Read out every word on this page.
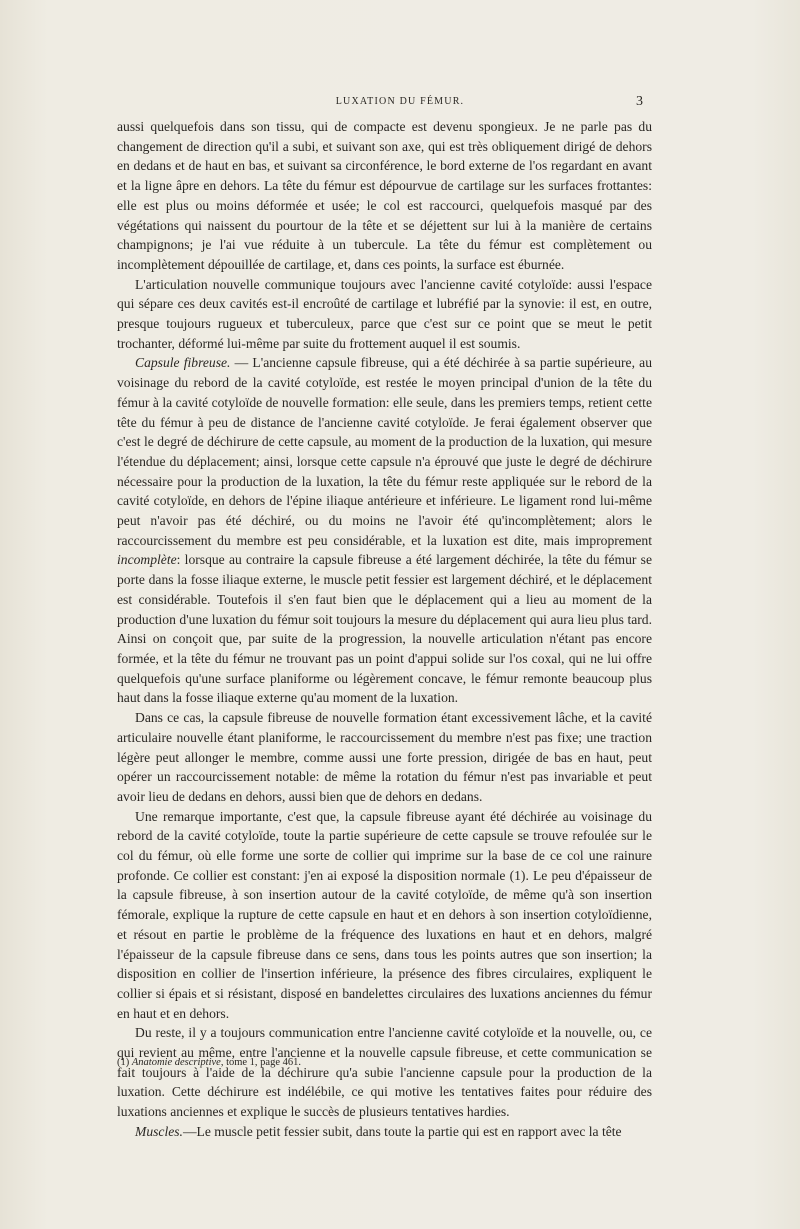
LUXATION DU FÉMUR.	3

aussi quelquefois dans son tissu, qui de compacte est devenu spongieux. Je ne parle pas du changement de direction qu'il a subi, et suivant son axe, qui est très obliquement dirigé de dehors en dedans et de haut en bas, et suivant sa circonférence, le bord externe de l'os regardant en avant et la ligne âpre en dehors. La tête du fémur est dépourvue de cartilage sur les surfaces frottantes: elle est plus ou moins déformée et usée; le col est raccourci, quelquefois masqué par des végétations qui naissent du pourtour de la tête et se déjettent sur lui à la manière de certains champignons; je l'ai vue réduite à un tubercule. La tête du fémur est complètement ou incomplètement dépouillée de cartilage, et, dans ces points, la surface est éburnée.

L'articulation nouvelle communique toujours avec l'ancienne cavité cotyloïde: aussi l'espace qui sépare ces deux cavités est-il encroûté de cartilage et lubréfié par la synovie: il est, en outre, presque toujours rugueux et tuberculeux, parce que c'est sur ce point que se meut le petit trochanter, déformé lui-même par suite du frottement auquel il est soumis.

Capsule fibreuse. — L'ancienne capsule fibreuse, qui a été déchirée à sa partie supérieure, au voisinage du rebord de la cavité cotyloïde, est restée le moyen principal d'union de la tête du fémur à la cavité cotyloïde de nouvelle formation: elle seule, dans les premiers temps, retient cette tête du fémur à peu de distance de l'ancienne cavité cotyloïde. Je ferai également observer que c'est le degré de déchirure de cette capsule, au moment de la production de la luxation, qui mesure l'étendue du déplacement; ainsi, lorsque cette capsule n'a éprouvé que juste le degré de déchirure nécessaire pour la production de la luxation, la tête du fémur reste appliquée sur le rebord de la cavité cotyloïde, en dehors de l'épine iliaque antérieure et inférieure. Le ligament rond lui-même peut n'avoir pas été déchiré, ou du moins ne l'avoir été qu'incomplètement; alors le raccourcissement du membre est peu considérable, et la luxation est dite, mais improprement incomplète: lorsque au contraire la capsule fibreuse a été largement déchirée, la tête du fémur se porte dans la fosse iliaque externe, le muscle petit fessier est largement déchiré, et le déplacement est considérable. Toutefois il s'en faut bien que le déplacement qui a lieu au moment de la production d'une luxation du fémur soit toujours la mesure du déplacement qui aura lieu plus tard. Ainsi on conçoit que, par suite de la progression, la nouvelle articulation n'étant pas encore formée, et la tête du fémur ne trouvant pas un point d'appui solide sur l'os coxal, qui ne lui offre quelquefois qu'une surface planiforme ou légèrement concave, le fémur remonte beaucoup plus haut dans la fosse iliaque externe qu'au moment de la luxation.

Dans ce cas, la capsule fibreuse de nouvelle formation étant excessivement lâche, et la cavité articulaire nouvelle étant planiforme, le raccourcissement du membre n'est pas fixe; une traction légère peut allonger le membre, comme aussi une forte pression, dirigée de bas en haut, peut opérer un raccourcissement notable: de même la rotation du fémur n'est pas invariable et peut avoir lieu de dedans en dehors, aussi bien que de dehors en dedans.

Une remarque importante, c'est que, la capsule fibreuse ayant été déchirée au voisinage du rebord de la cavité cotyloïde, toute la partie supérieure de cette capsule se trouve refoulée sur le col du fémur, où elle forme une sorte de collier qui imprime sur la base de ce col une rainure profonde. Ce collier est constant: j'en ai exposé la disposition normale (1). Le peu d'épaisseur de la capsule fibreuse, à son insertion autour de la cavité cotyloïde, de même qu'à son insertion fémorale, explique la rupture de cette capsule en haut et en dehors à son insertion cotyloïdienne, et résout en partie le problème de la fréquence des luxations en haut et en dehors, malgré l'épaisseur de la capsule fibreuse dans ce sens, dans tous les points autres que son insertion; la disposition en collier de l'insertion inférieure, la présence des fibres circulaires, expliquent le collier si épais et si résistant, disposé en bandelettes circulaires des luxations anciennes du fémur en haut et en dehors.

Du reste, il y a toujours communication entre l'ancienne cavité cotyloïde et la nouvelle, ou, ce qui revient au même, entre l'ancienne et la nouvelle capsule fibreuse, et cette communication se fait toujours à l'aide de la déchirure qu'a subie l'ancienne capsule pour la production de la luxation. Cette déchirure est indélébile, ce qui motive les tentatives faites pour réduire des luxations anciennes et explique le succès de plusieurs tentatives hardies.

Muscles.—Le muscle petit fessier subit, dans toute la partie qui est en rapport avec la tête

(1) Anatomie descriptive, tome 1, page 461.
